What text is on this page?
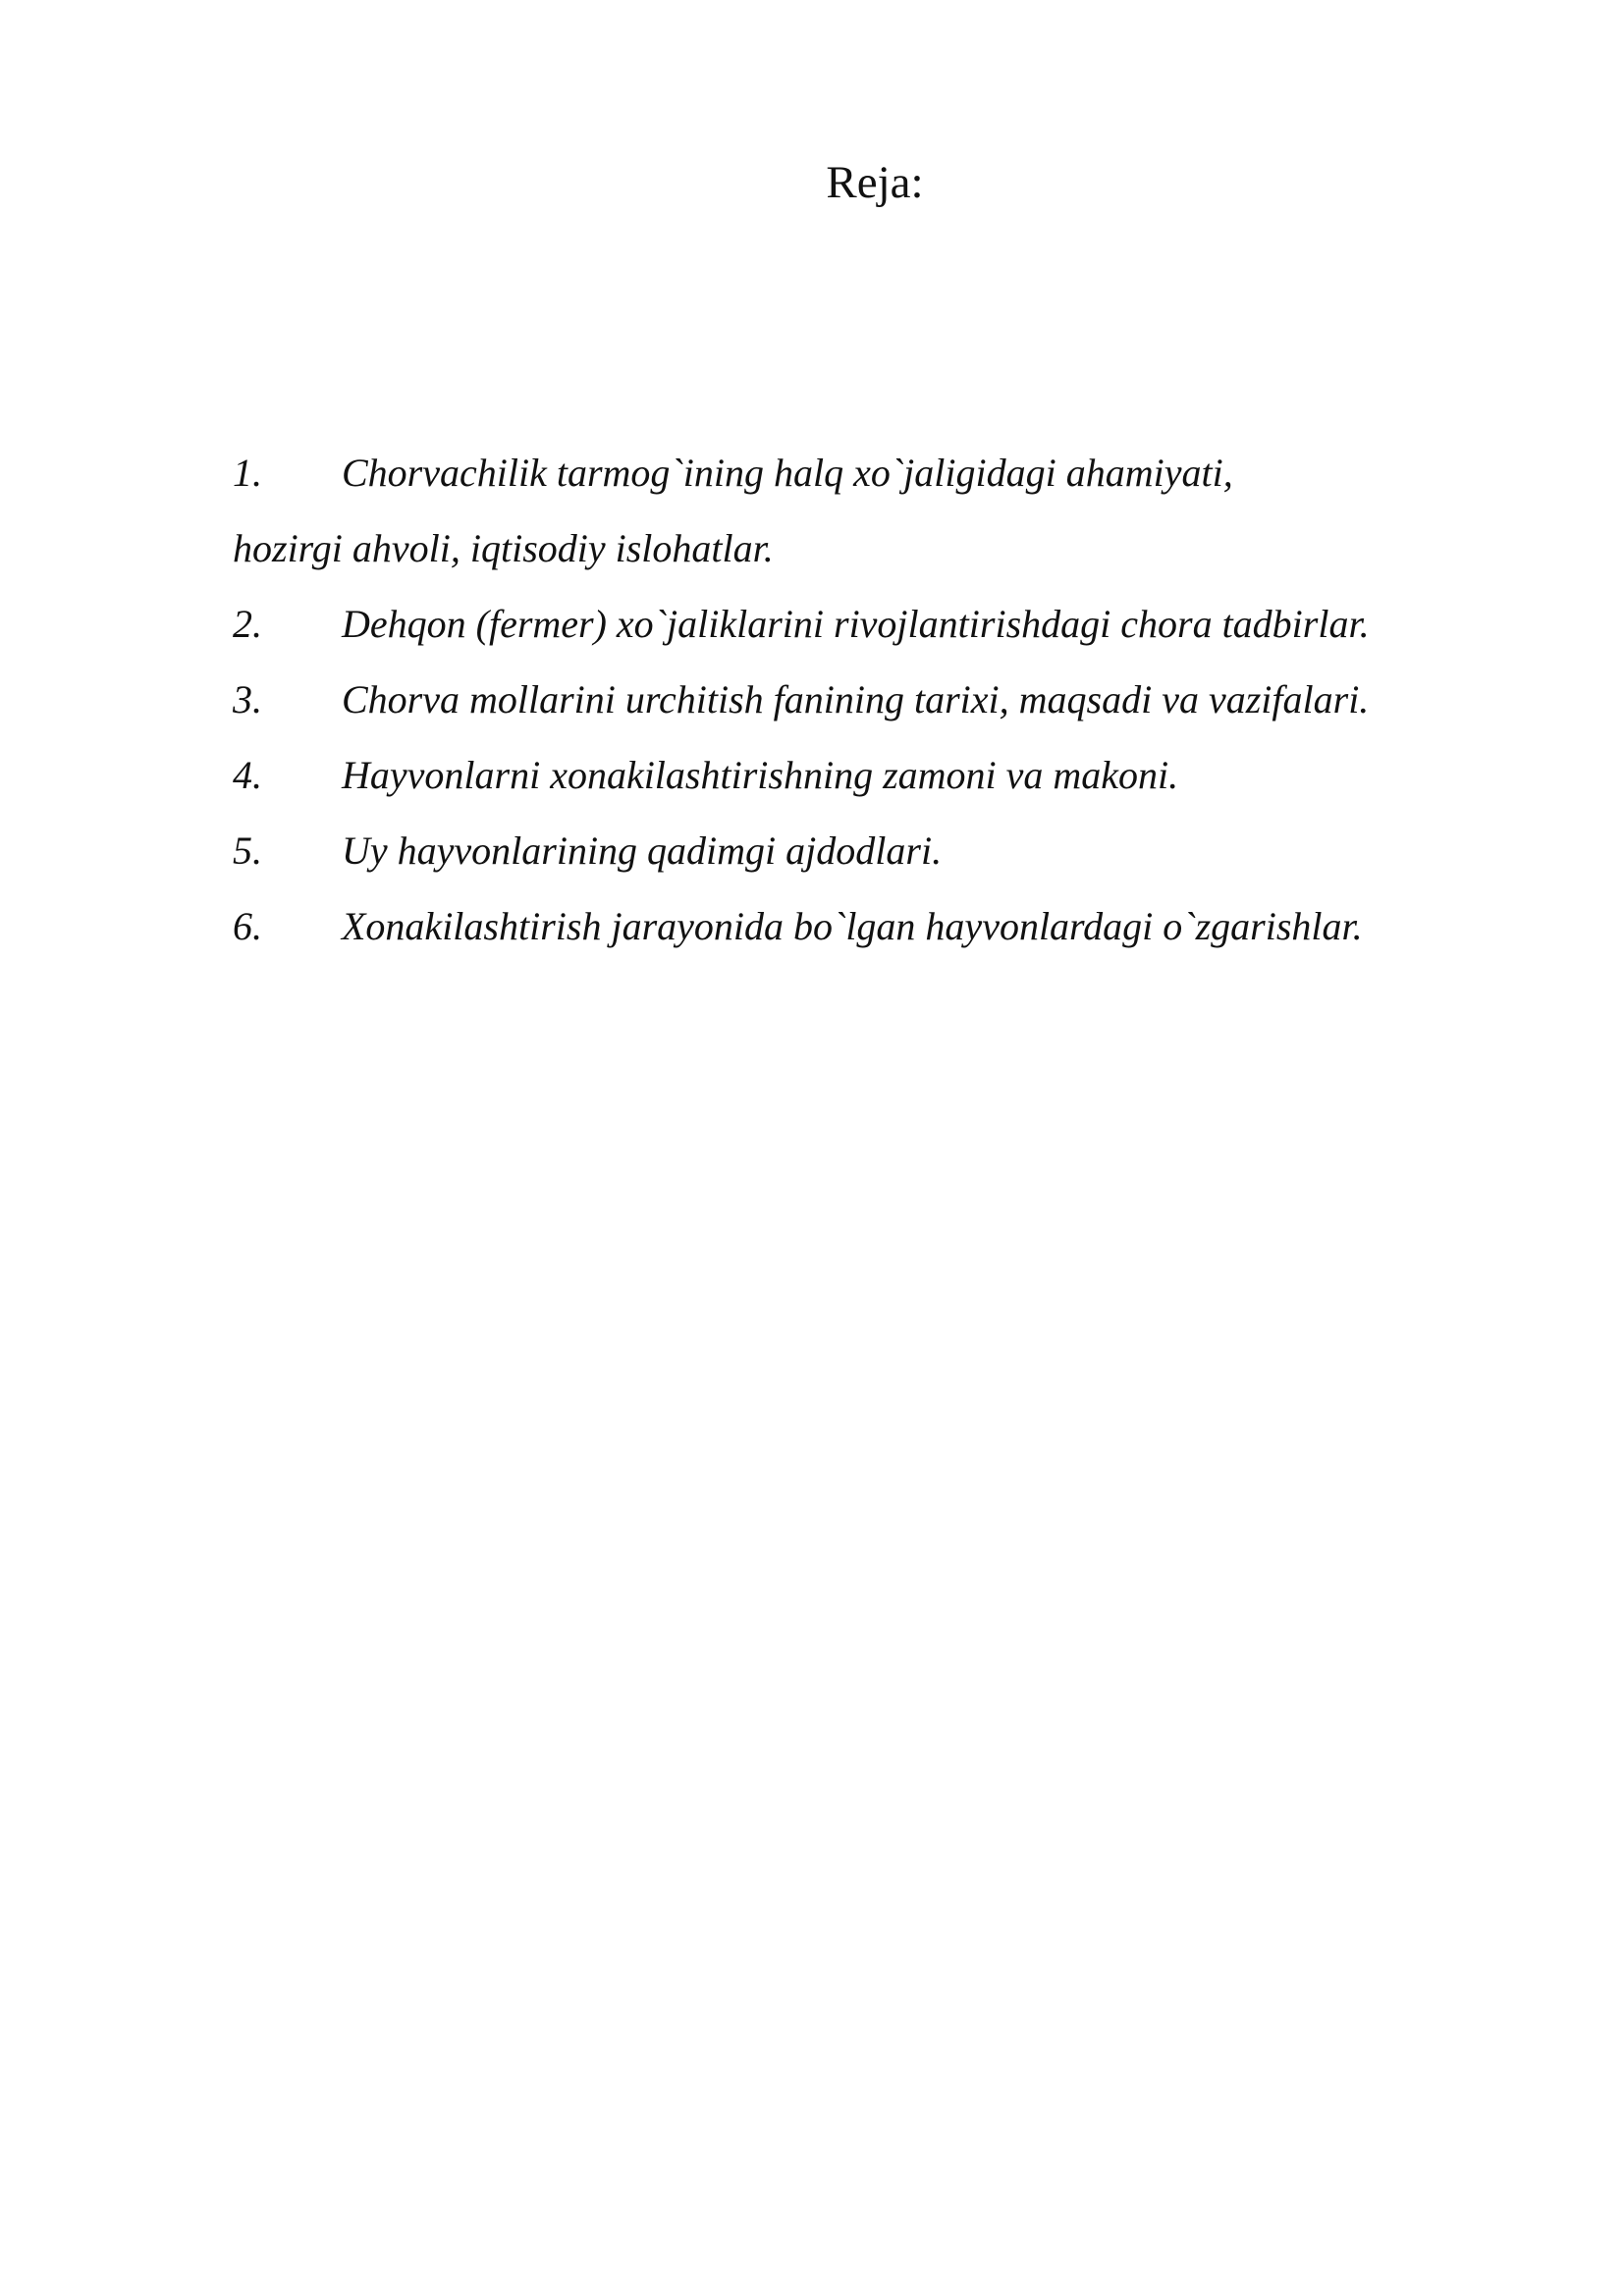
Reja:
1. Chorvachilik tarmog`ining halq xo`jaligidagi ahamiyati,
hozirgi ahvoli, iqtisodiy islohatlar.
2. Dehqon (fermer) xo`jaliklarini rivojlantirishdagi chora tadbirlar.
3. Chorva mollarini urchitish fanining tarixi, maqsadi va vazifalari.
4. Hayvonlarni xonakilashtirishning zamoni va makoni.
5. Uy hayvonlarining qadimgi ajdodlari.
6. Xonakilashtirish jarayonida bo`lgan hayvonlardagi o`zgarishlar.
